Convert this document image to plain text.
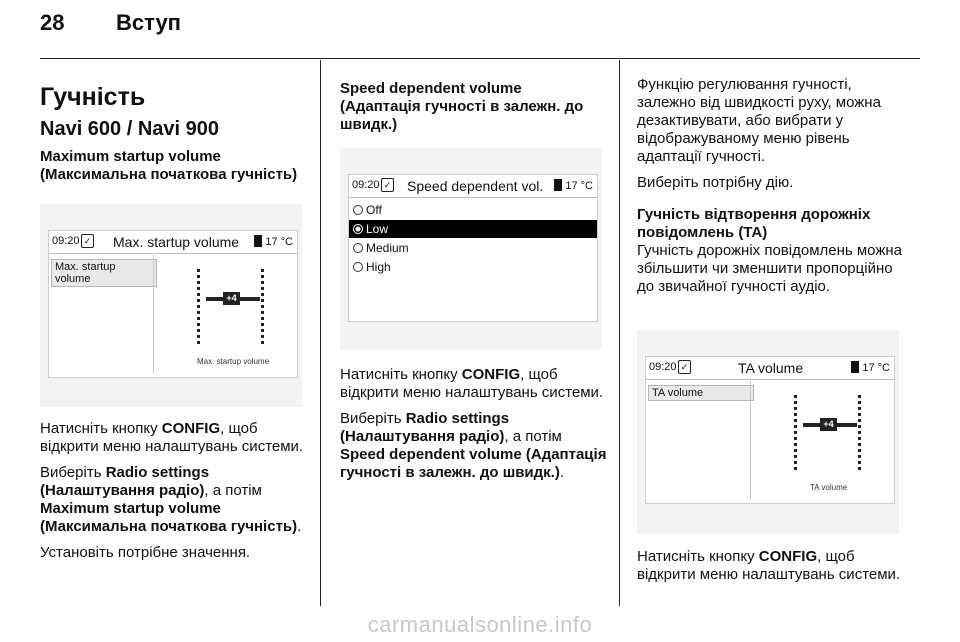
28 Вступ
Гучність
Navi 600 / Navi 900
Maximum startup volume
(Максимальна початкова гучність)
09:20 ✓ Max. startup volume	17 °C
Max. startup volume
+4
Max. startup volume

Натисніть кнопку CONFIG, щоб відкрити меню налаштувань системи.

Виберіть Radio settings (Налаштування радіо), а потім Maximum startup volume (Максимальна початкова гучність).

Установіть потрібне значення.

Speed dependent volume
(Адаптація гучності в залежн. до швидк.)
09:20 ✓ Speed dependent vol.	17 °C
Off
Low
Medium
High

Натисніть кнопку CONFIG, щоб відкрити меню налаштувань системи.

Виберіть Radio settings (Налаштування радіо), а потім Speed dependent volume (Адаптація гучності в залежн. до швидк.).

Функцію регулювання гучності, залежно від швидкості руху, можна дезактивувати, або вибрати у відображуваному меню рівень адаптації гучності.

Виберіть потрібну дію.

Гучність відтворення дорожніх повідомлень (TA)

Гучність дорожніх повідомлень можна збільшити чи зменшити пропорційно до звичайної гучності аудіо.

09:20 ✓	TA volume	17 °C
TA volume
+4
TA volume

Натисніть кнопку CONFIG, щоб відкрити меню налаштувань системи.

carmanualsonline.info
